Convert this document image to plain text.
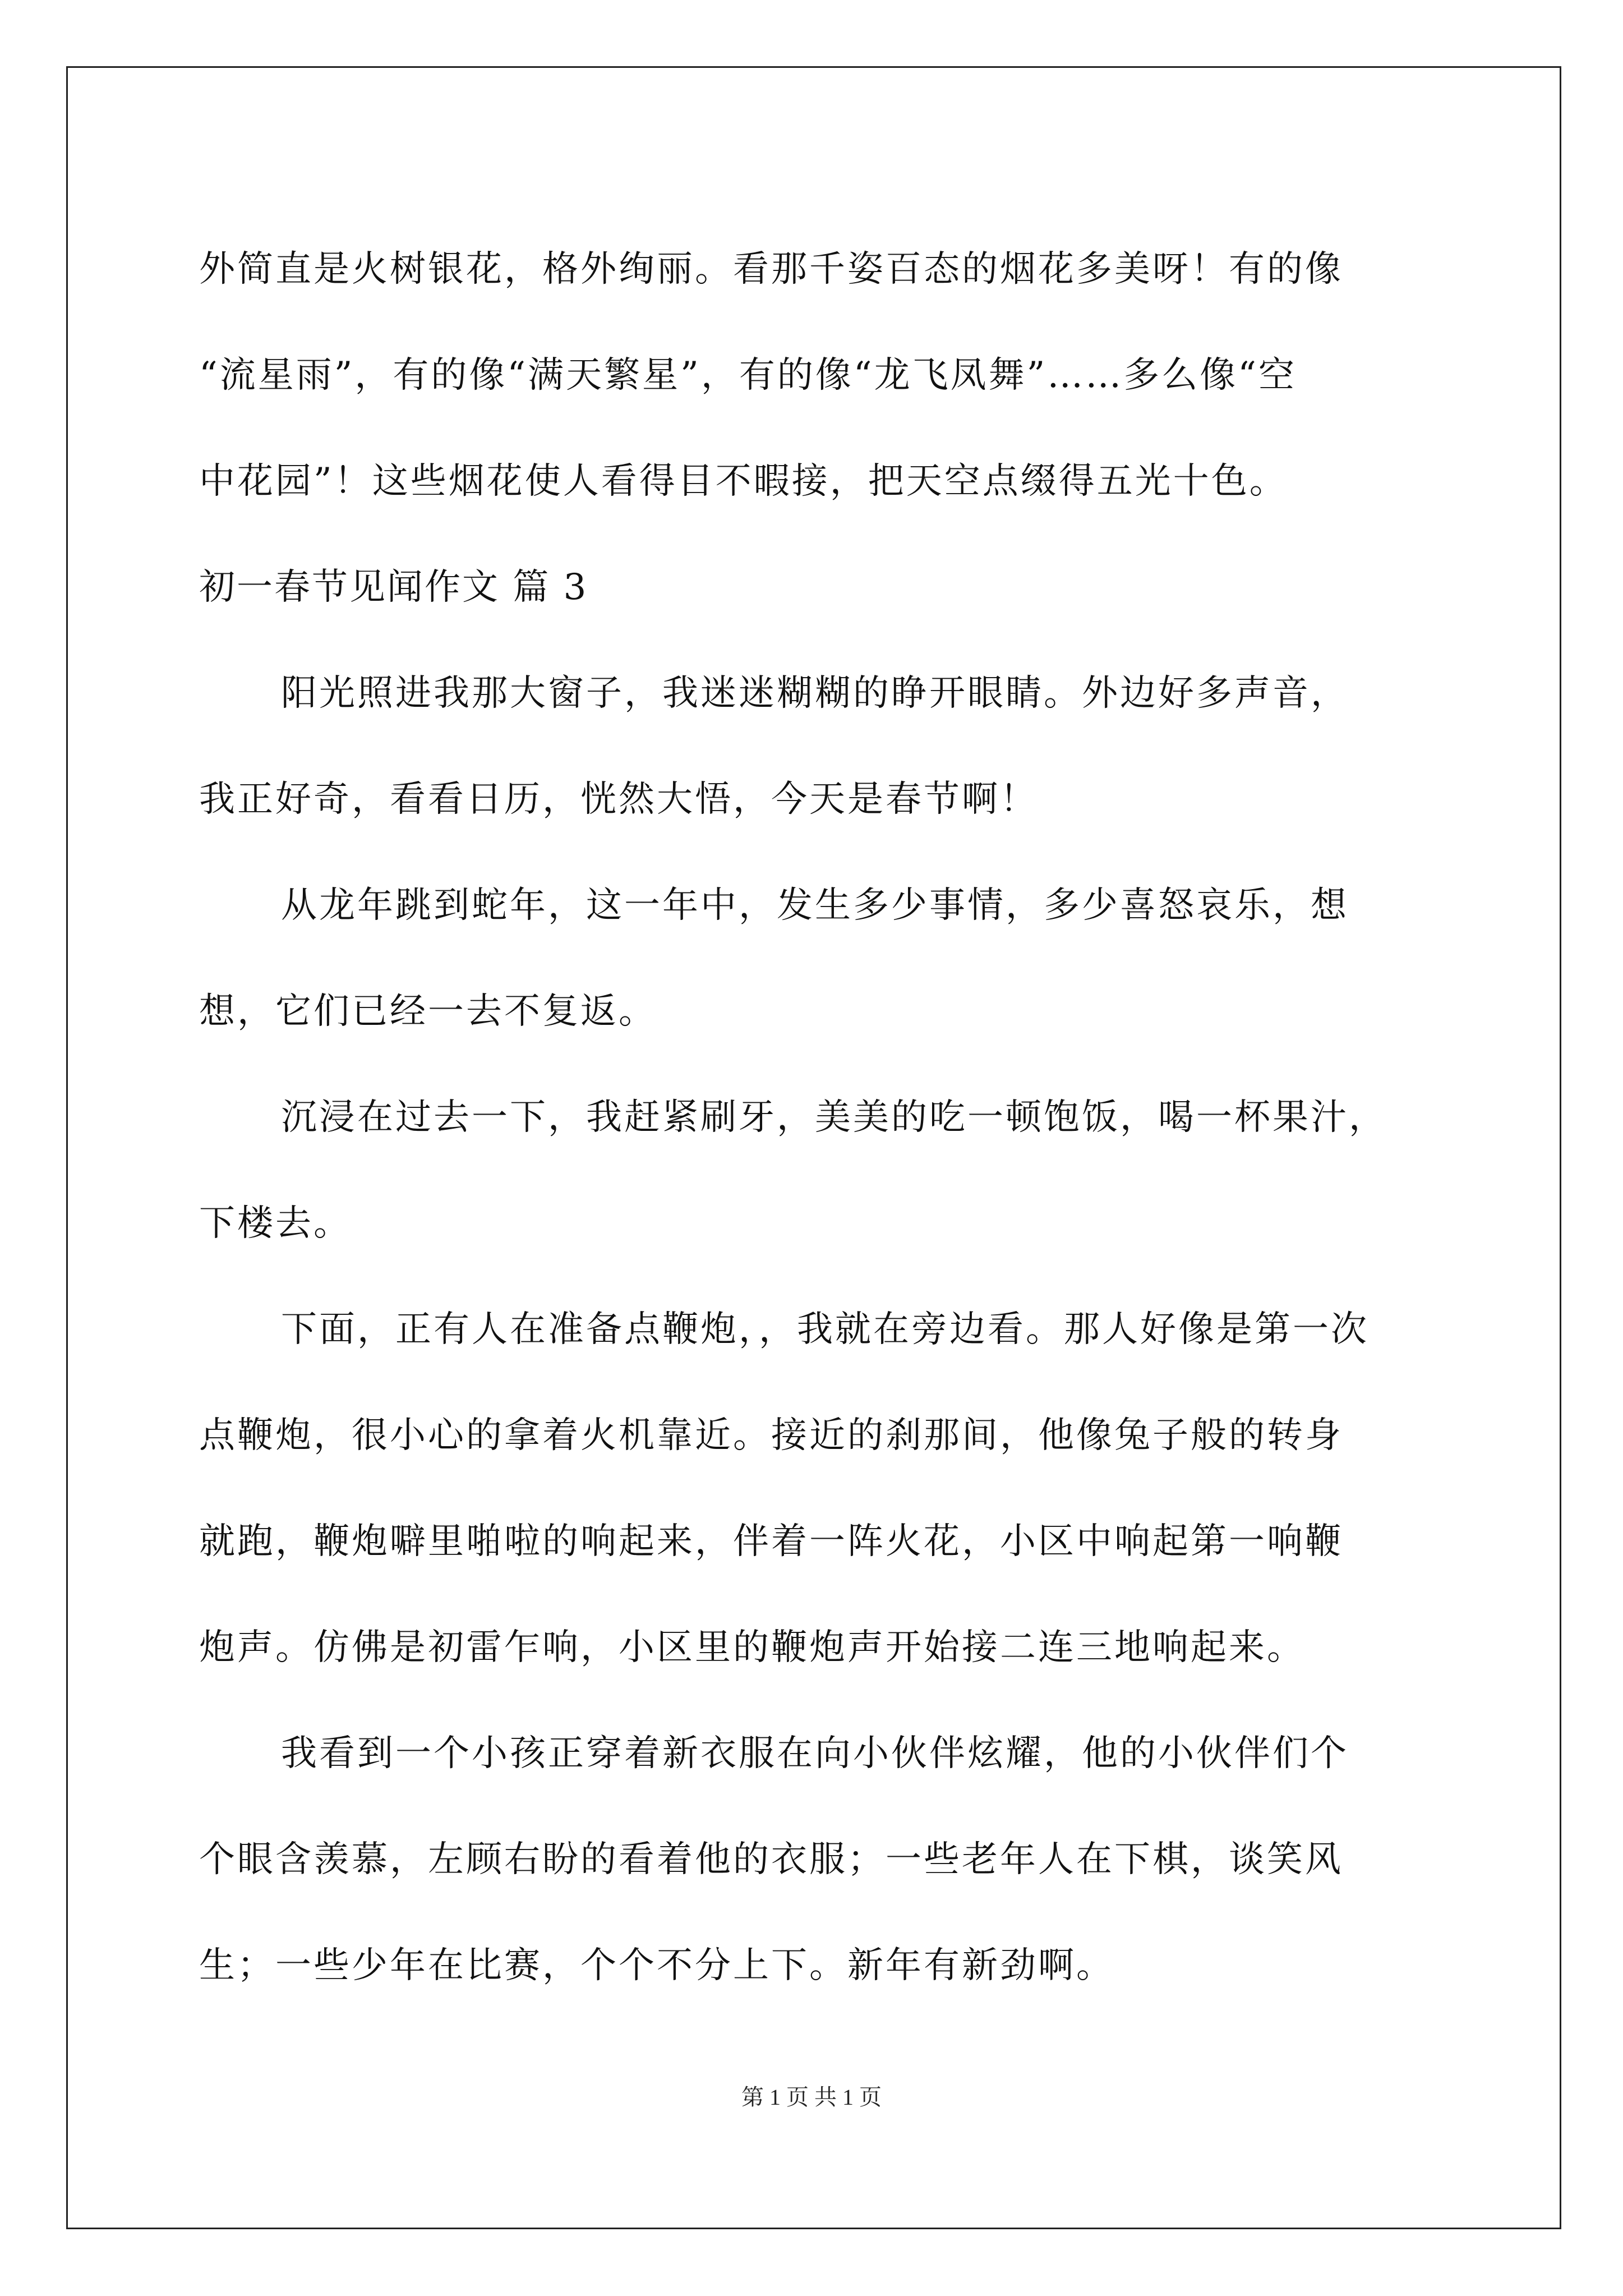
外简直是火树银花，格外绚丽。看那千姿百态的烟花多美呀！有的像
“流星雨”，有的像“满天繁星”，有的像“龙飞凤舞”……多么像“空
中花园”！这些烟花使人看得目不暇接，把天空点缀得五光十色。
初一春节见闻作文 篇 3
阳光照进我那大窗子，我迷迷糊糊的睁开眼睛。外边好多声音，
我正好奇，看看日历，恍然大悟，今天是春节啊！
从龙年跳到蛇年，这一年中，发生多少事情，多少喜怒哀乐，想
想，它们已经一去不复返。
沉浸在过去一下，我赶紧刷牙，美美的吃一顿饱饭，喝一杯果汁，
下楼去。
下面，正有人在准备点鞭炮，，我就在旁边看。那人好像是第一次
点鞭炮，很小心的拿着火机靠近。接近的刹那间，他像兔子般的转身
就跑，鞭炮噼里啪啦的响起来，伴着一阵火花，小区中响起第一响鞭
炮声。仿佛是初雷乍响，小区里的鞭炮声开始接二连三地响起来。
我看到一个小孩正穿着新衣服在向小伙伴炫耀，他的小伙伴们个
个眼含羡慕，左顾右盼的看着他的衣服；一些老年人在下棋，谈笑风
生；一些少年在比赛，个个不分上下。新年有新劲啊。
第 1 页 共 1 页
